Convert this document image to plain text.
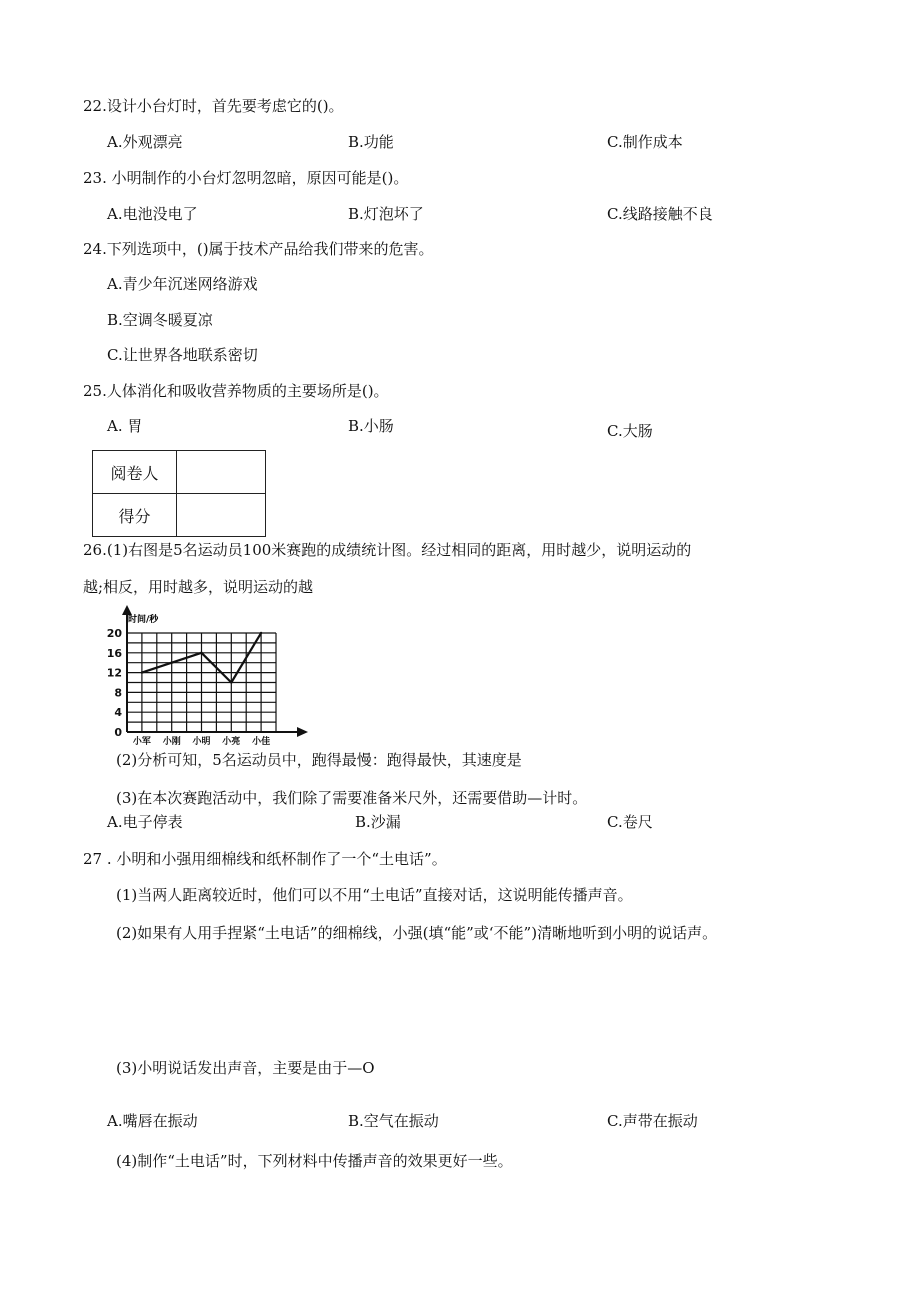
22.设计小台灯时，首先要考虑它的()。
A.外观漂亮	B.功能	C.制作成本
23. 小明制作的小台灯忽明忽暗，原因可能是()。
A.电池没电了	B.灯泡坏了	C.线路接触不良
24.下列选项中，()属于技术产品给我们带来的危害。
A.青少年沉迷网络游戏
B.空调冬暖夏凉
C.让世界各地联系密切
25.人体消化和吸收营养物质的主要场所是()。
A. 胃	B.小肠	C.大肠
阅卷人	
得分	
26.(1)右图是5名运动员100米赛跑的成绩统计图。经过相同的距离，用时越少，说明运动的
越;相反，用时越多，说明运动的越
0
4
8
12
16
20
小军 小刚 小明 小亮 小佳
时间/秒
(2)分析可知，5名运动员中，跑得最慢：跑得最快，其速度是
(3)在本次赛跑活动中，我们除了需要准备米尺外，还需要借助—计时。
A.电子停表	B.沙漏	C.卷尺
27 . 小明和小强用细棉线和纸杯制作了一个“土电话”。
(1)当两人距离较近时，他们可以不用“土电话”直接对话，这说明能传播声音。
(2)如果有人用手捏紧“土电话”的细棉线，小强(填“能”或‘不能”)清晰地听到小明的说话声。
(3)小明说话发出声音，主要是由于—O
A.嘴唇在振动	B.空气在振动	C.声带在振动
(4)制作“土电话”时，下列材料中传播声音的效果更好一些。
